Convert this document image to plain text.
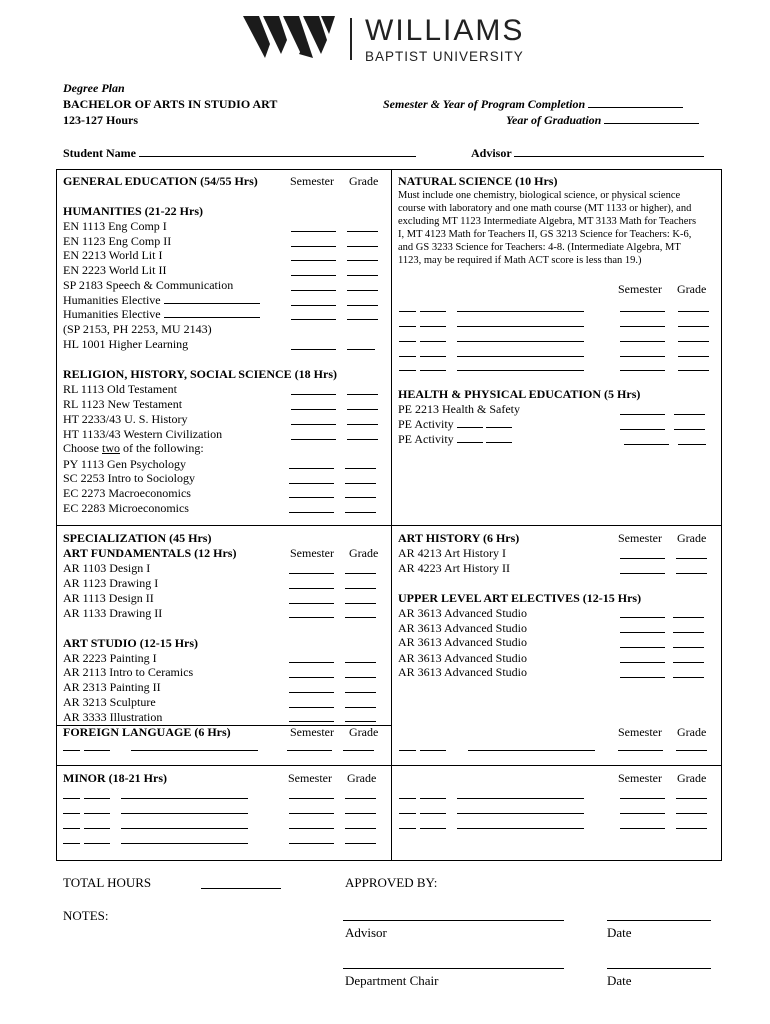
WILLIAMS
BAPTIST UNIVERSITY
Degree Plan
BACHELOR OF ARTS IN STUDIO ART
123-127 Hours
Semester & Year of Program Completion
Year of Graduation
Student Name	Advisor
GENERAL EDUCATION (54/55 Hrs)	Semester Grade
HUMANITIES (21-22 Hrs)
EN 1113 Eng Comp I
EN 1123 Eng Comp II
EN 2213 World Lit I
EN 2223 World Lit II
SP 2183 Speech & Communication
Humanities Elective
Humanities Elective
(SP 2153, PH 2253, MU 2143)
HL 1001 Higher Learning
RELIGION, HISTORY, SOCIAL SCIENCE (18 Hrs)
RL 1113 Old Testament
RL 1123 New Testament
HT 2233/43 U. S. History
HT 1133/43 Western Civilization
Choose two of the following:
PY 1113 Gen Psychology
SC 2253 Intro to Sociology
EC 2273 Macroeconomics
EC 2283 Microeconomics
NATURAL SCIENCE (10 Hrs)
Must include one chemistry, biological science, or physical science course with laboratory and one math course (MT 1133 or higher), and excluding MT 1123 Intermediate Algebra, MT 3133 Math for Teachers I, MT 4123 Math for Teachers II, GS 3213 Science for Teachers: K-6, and GS 3233 Science for Teachers: 4-8. (Intermediate Algebra, MT 1123, may be required if Math ACT score is less than 19.)
Semester Grade
HEALTH & PHYSICAL EDUCATION (5 Hrs)
PE 2213 Health & Safety
PE Activity
PE Activity
SPECIALIZATION (45 Hrs)
ART FUNDAMENTALS (12 Hrs)	Semester Grade
AR 1103 Design I
AR 1123 Drawing I
AR 1113 Design II
AR 1133 Drawing II
ART STUDIO (12-15 Hrs)
AR 2223 Painting I
AR 2113 Intro to Ceramics
AR 2313 Painting II
AR 3213 Sculpture
AR 3333 Illustration
FOREIGN LANGUAGE (6 Hrs)	Semester Grade
ART HISTORY (6 Hrs)	Semester Grade
AR 4213 Art History I
AR 4223 Art History II
UPPER LEVEL ART ELECTIVES (12-15 Hrs)
AR 3613 Advanced Studio
AR 3613 Advanced Studio
AR 3613 Advanced Studio
AR 3613 Advanced Studio
AR 3613 Advanced Studio
Semester Grade
MINOR (18-21 Hrs)	Semester Grade	Semester Grade
TOTAL HOURS	APPROVED BY:
NOTES:
Advisor	Date
Department Chair	Date
